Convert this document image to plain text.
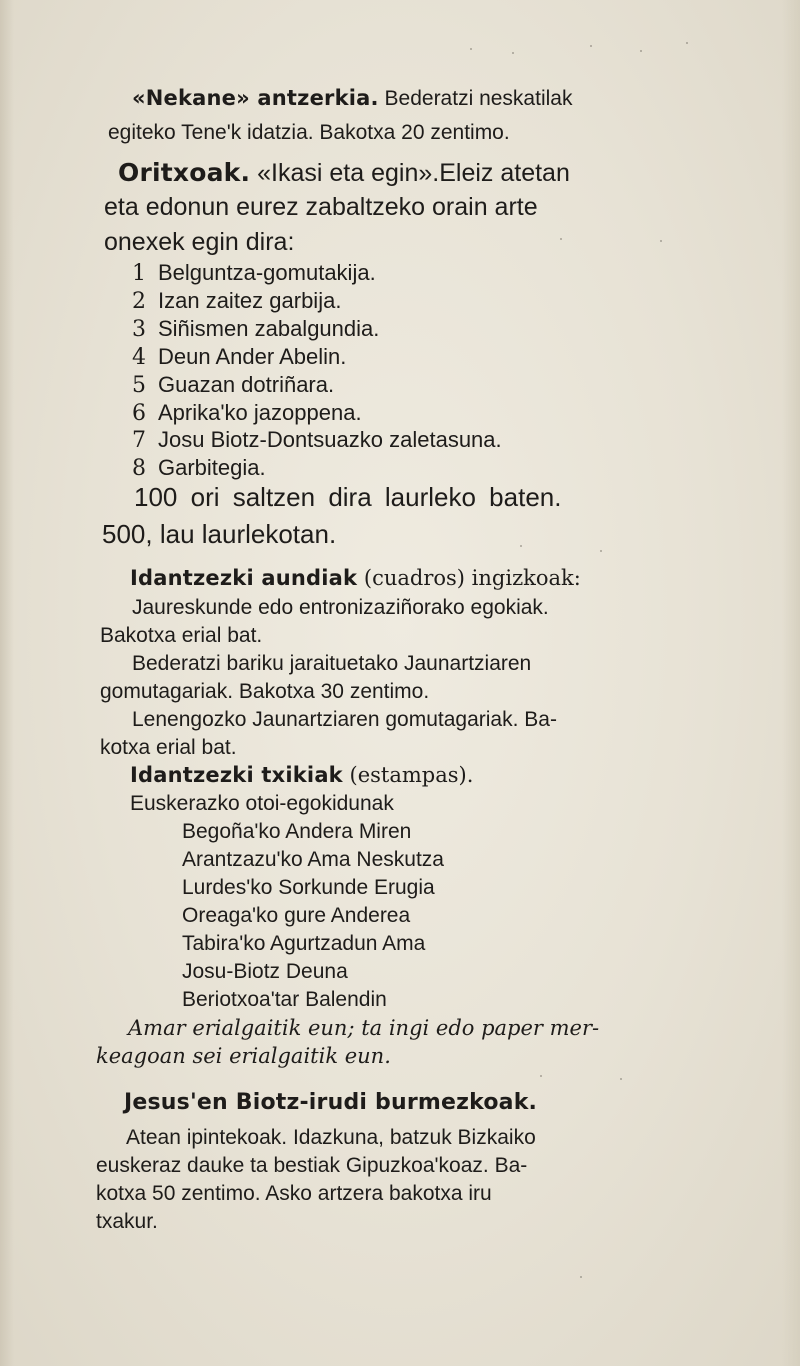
«Nekane» antzerkia. Bederatzi neskatilak
egiteko Tene'k idatzia. Bakotxa 20 zentimo.
Oritxoak. «Ikasi eta egin».Eleiz atetan
eta edonun eurez zabaltzeko orain arte
onexek egin dira:
1 Belguntza-gomutakija.
2 Izan zaitez garbija.
3 Siñismen zabalgundia.
4 Deun Ander Abelin.
5 Guazan dotriñara.
6 Aprika'ko jazoppena.
7 Josu Biotz-Dontsuazko zaletasuna.
8 Garbitegia.
100 ori saltzen dira laurleko baten.
500, lau laurlekotan.
Idantzezki aundiak (cuadros) ingizkoak:
Jaureskunde edo entronizaziñorako egokiak.
Bakotxa erial bat.
Bederatzi bariku jaraituetako Jaunartziaren
gomutagariak. Bakotxa 30 zentimo.
Lenengozko Jaunartziaren gomutagariak. Ba-
kotxa erial bat.
Idantzezki txikiak (estampas).
Euskerazko otoi-egokidunak
Begoña'ko Andera Miren
Arantzazu'ko Ama Neskutza
Lurdes'ko Sorkunde Erugia
Oreaga'ko gure Anderea
Tabira'ko Agurtzadun Ama
Josu-Biotz Deuna
Beriotxoa'tar Balendin
Amar erialgaitik eun; ta ingi edo paper mer-
keagoan sei erialgaitik eun.
Jesus'en Biotz-irudi burmezkoak.
Atean ipintekoak. Idazkuna, batzuk Bizkaiko
euskeraz dauke ta bestiak Gipuzkoa'koaz. Ba-
kotxa 50 zentimo. Asko artzera bakotxa iru
txakur.
